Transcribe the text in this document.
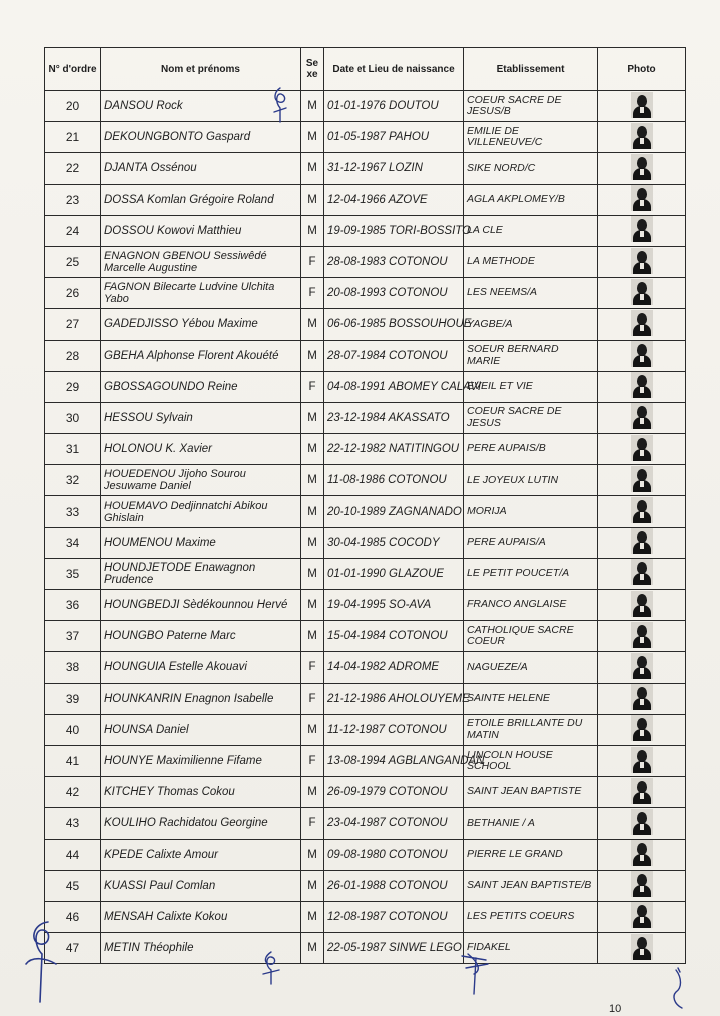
N° d'ordre	Nom et prénoms	Se xe	Date et Lieu de naissance	Etablissement	Photo
20	DANSOU Rock	M	01-01-1976 DOUTOU	COEUR SACRE DE JESUS/B	

21	DEKOUNGBONTO Gaspard	M	01-05-1987 PAHOU	EMILIE DE VILLENEUVE/C	

22	DJANTA Ossénou	M	31-12-1967 LOZIN	SIKE NORD/C	

23	DOSSA Komlan Grégoire Roland	M	12-04-1966 AZOVE	AGLA AKPLOMEY/B	

24	DOSSOU Kowovi Matthieu	M	19-09-1985 TORI-BOSSITO	LA CLE	

25	ENAGNON GBENOU Sessiwêdé Marcelle Augustine	F	28-08-1983 COTONOU	LA METHODE	

26	FAGNON Bilecarte Ludvine Ulchita Yabo	F	20-08-1993 COTONOU	LES NEEMS/A	

27	GADEDJISSO Yébou Maxime	M	06-06-1985 BOSSOUHOUE	YAGBE/A	

28	GBEHA Alphonse Florent Akouété	M	28-07-1984 COTONOU	SOEUR BERNARD MARIE	

29	GBOSSAGOUNDO Reine	F	04-08-1991 ABOMEY CALAVI	EVEIL ET VIE	

30	HESSOU Sylvain	M	23-12-1984 AKASSATO	COEUR SACRE DE JESUS	

31	HOLONOU K. Xavier	M	22-12-1982 NATITINGOU	PERE AUPAIS/B	

32	HOUEDENOU Jijoho Sourou Jesuwame Daniel	M	11-08-1986 COTONOU	LE JOYEUX LUTIN	

33	HOUEMAVO Dedjinnatchi Abikou Ghislain	M	20-10-1989 ZAGNANADO	MORIJA	

34	HOUMENOU Maxime	M	30-04-1985 COCODY	PERE AUPAIS/A	

35	HOUNDJETODE Enawagnon Prudence	M	01-01-1990 GLAZOUE	LE PETIT POUCET/A	

36	HOUNGBEDJI Sèdékounnou Hervé	M	19-04-1995 SO-AVA	FRANCO ANGLAISE	

37	HOUNGBO Paterne Marc	M	15-04-1984 COTONOU	CATHOLIQUE SACRE COEUR	

38	HOUNGUIA Estelle Akouavi	F	14-04-1982 ADROME	NAGUEZE/A	

39	HOUNKANRIN Enagnon Isabelle	F	21-12-1986 AHOLOUYEME	SAINTE HELENE	

40	HOUNSA Daniel	M	11-12-1987 COTONOU	ETOILE BRILLANTE DU MATIN	

41	HOUNYE Maximilienne Fifame	F	13-08-1994 AGBLANGANDAN	LINCOLN HOUSE SCHOOL	

42	KITCHEY Thomas Cokou	M	26-09-1979 COTONOU	SAINT JEAN BAPTISTE	

43	KOULIHO Rachidatou Georgine	F	23-04-1987 COTONOU	BETHANIE / A	

44	KPEDE Calixte Amour	M	09-08-1980 COTONOU	PIERRE LE GRAND	

45	KUASSI Paul Comlan	M	26-01-1988 COTONOU	SAINT JEAN BAPTISTE/B	

46	MENSAH Calixte Kokou	M	12-08-1987 COTONOU	LES PETITS COEURS	

47	METIN Théophile	M	22-05-1987 SINWE LEGO	FIDAKEL	
10
